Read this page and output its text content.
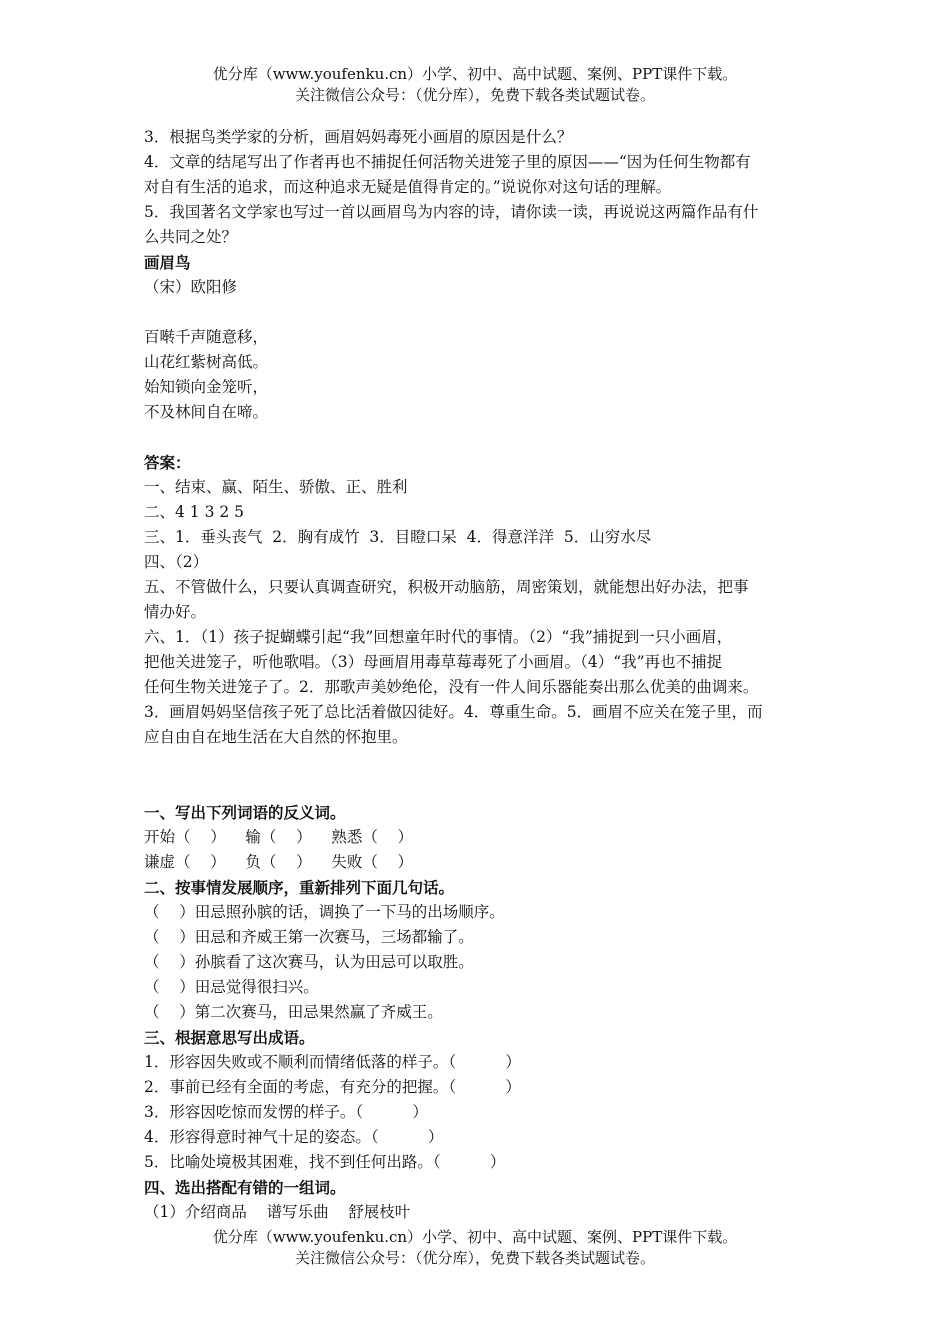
优分库（www.youfenku.cn）小学、初中、高中试题、案例、PPT课件下载。
关注微信公众号：（优分库），免费下载各类试题试卷。

3．根据鸟类学家的分析，画眉妈妈毒死小画眉的原因是什么？

4．文章的结尾写出了作者再也不捕捉任何活物关进笼子里的原因——“因为任何生物都有

对自有生活的追求，而这种追求无疑是值得肯定的。”说说你对这句话的理解。

5．我国著名文学家也写过一首以画眉鸟为内容的诗，请你读一读，再说说这两篇作品有什

么共同之处？

画眉鸟

（宋）欧阳修

百啭千声随意移，

山花红紫树高低。

始知锁向金笼听，

不及林间自在啼。

答案：

一、结束、赢、陌生、骄傲、正、胜利

二、4 1 3 2 5

三、1．垂头丧气  2．胸有成竹  3．目瞪口呆  4．得意洋洋  5．山穷水尽

四、（2）

五、不管做什么，只要认真调查研究，积极开动脑筋，周密策划，就能想出好办法，把事

情办好。

六、1．（1）孩子捉蝴蝶引起“我”回想童年时代的事情。（2）“我”捕捉到一只小画眉，

把他关进笼子，听他歌唱。（3）母画眉用毒草莓毒死了小画眉。（4）“我”再也不捕捉

任何生物关进笼子了。2．那歌声美妙绝伦，没有一件人间乐器能奏出那么优美的曲调来。

3．画眉妈妈坚信孩子死了总比活着做囚徒好。4．尊重生命。5．画眉不应关在笼子里，而

应自由自在地生活在大自然的怀抱里。

一、写出下列词语的反义词。

开始（    ）    输（    ）    熟悉（    ）

谦虚（    ）    负（    ）    失败（    ）

二、按事情发展顺序，重新排列下面几句话。

（    ）田忌照孙膑的话，调换了一下马的出场顺序。

（    ）田忌和齐威王第一次赛马，三场都输了。

（    ）孙膑看了这次赛马，认为田忌可以取胜。

（    ）田忌觉得很扫兴。

（    ）第二次赛马，田忌果然赢了齐威王。

三、根据意思写出成语。

1．形容因失败或不顺利而情绪低落的样子。（          ）

2．事前已经有全面的考虑，有充分的把握。（          ）

3．形容因吃惊而发愣的样子。（          ）

4．形容得意时神气十足的姿态。（          ）

5．比喻处境极其困难，找不到任何出路。（          ）

四、选出搭配有错的一组词。

（1）介绍商品    谱写乐曲    舒展枝叶

优分库（www.youfenku.cn）小学、初中、高中试题、案例、PPT课件下载。
关注微信公众号：（优分库），免费下载各类试题试卷。
